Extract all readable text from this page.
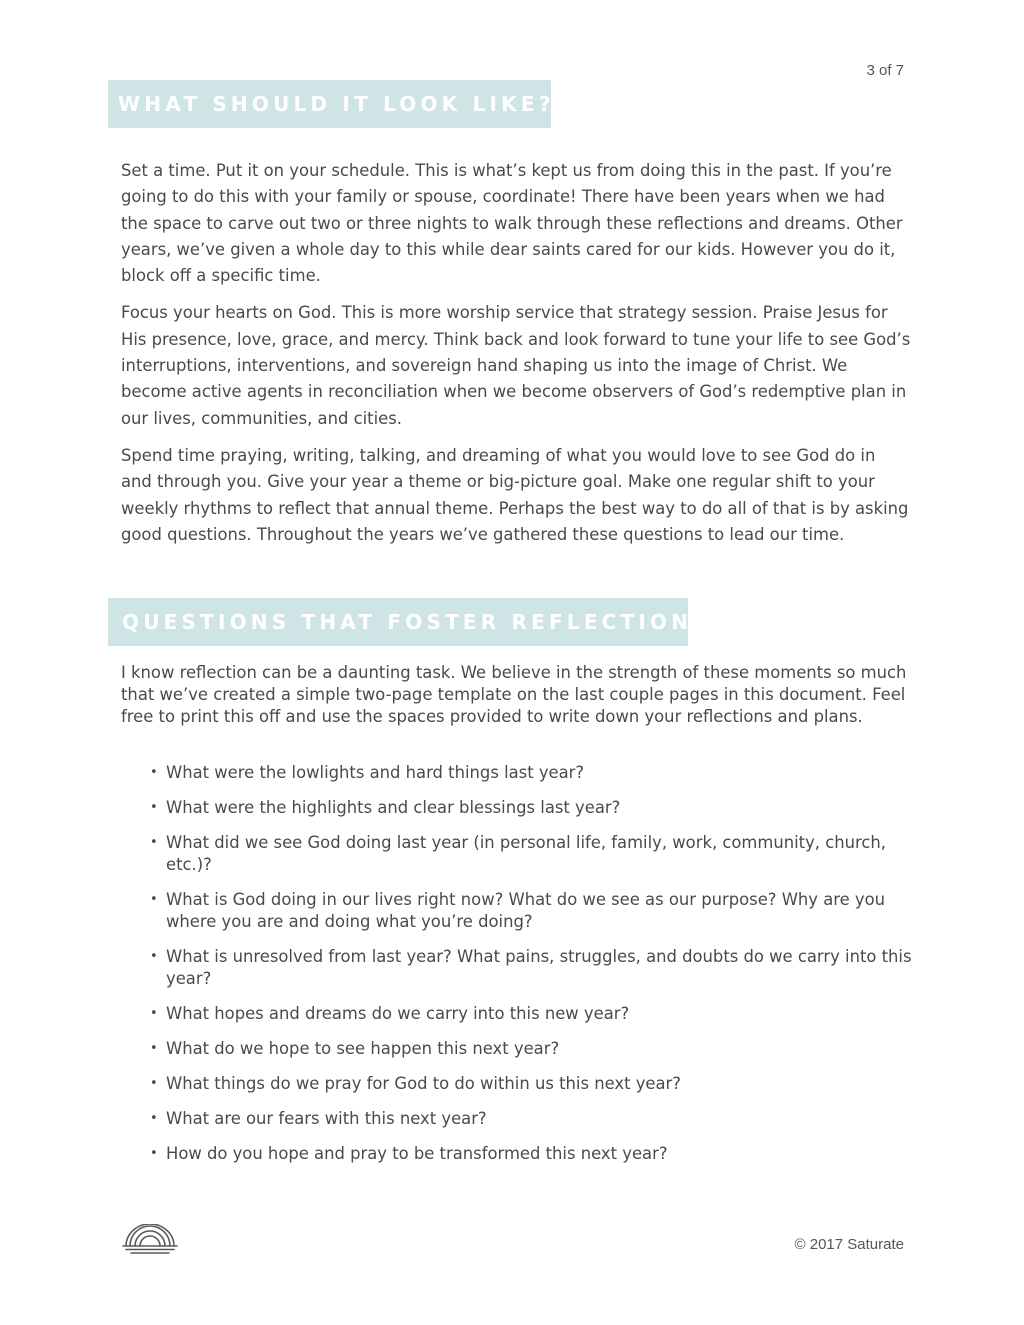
3 of 7
WHAT SHOULD IT LOOK LIKE?

Set a time. Put it on your schedule. This is what’s kept us from doing this in the past. If you’re going to do this with your family or spouse, coordinate! There have been years when we had the space to carve out two or three nights to walk through these reflections and dreams. Other years, we’ve given a whole day to this while dear saints cared for our kids. However you do it, block off a specific time.

Focus your hearts on God. This is more worship service that strategy session. Praise Jesus for His presence, love, grace, and mercy. Think back and look forward to tune your life to see God’s interruptions, interventions, and sovereign hand shaping us into the image of Christ. We become active agents in reconciliation when we become observers of God’s redemptive plan in our lives, communities, and cities.

Spend time praying, writing, talking, and dreaming of what you would love to see God do in and through you. Give your year a theme or big-picture goal. Make one regular shift to your weekly rhythms to reflect that annual theme. Perhaps the best way to do all of that is by asking good questions. Throughout the years we’ve gathered these questions to lead our time.

QUESTIONS THAT FOSTER REFLECTION

I know reflection can be a daunting task. We believe in the strength of these moments so much that we’ve created a simple two-page template on the last couple pages in this document. Feel free to print this off and use the spaces provided to write down your reflections and plans.

• What were the lowlights and hard things last year?
• What were the highlights and clear blessings last year?
• What did we see God doing last year (in personal life, family, work, community, church, etc.)?
• What is God doing in our lives right now? What do we see as our purpose? Why are you where you are and doing what you’re doing?
• What is unresolved from last year? What pains, struggles, and doubts do we carry into this year?
• What hopes and dreams do we carry into this new year?
• What do we hope to see happen this next year?
• What things do we pray for God to do within us this next year?
• What are our fears with this next year?
• How do you hope and pray to be transformed this next year?
© 2017 Saturate
